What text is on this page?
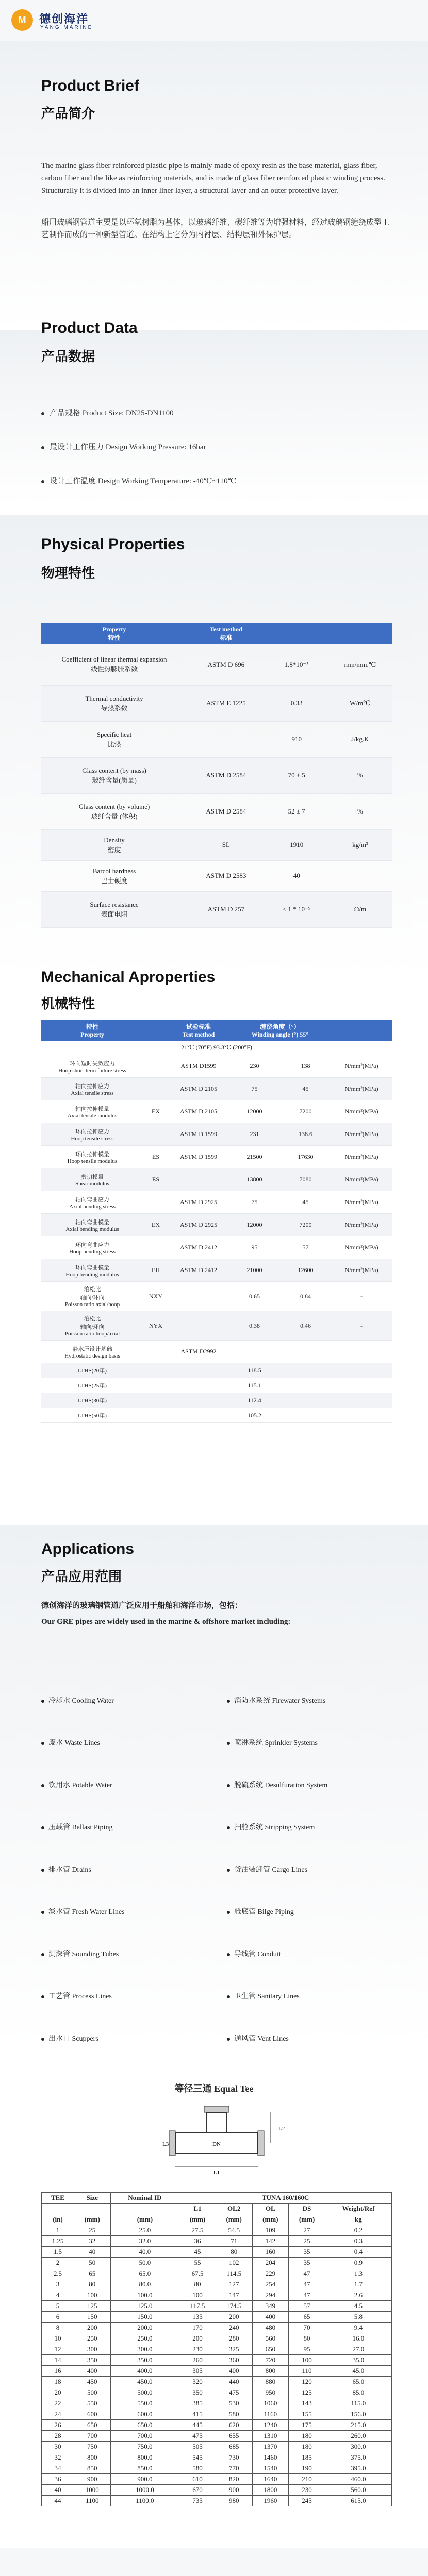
M 德创海洋
YANG MARINE
Product Brief
产品简介
The marine glass fiber reinforced plastic pipe is mainly made of epoxy resin as the base material, glass fiber, carbon fiber and the like as reinforcing materials, and is made of glass fiber reinforced plastic winding process. Structurally it is divided into an inner liner layer, a structural layer and an outer protective layer.
船用玻璃钢管道主要是以环氧树脂为基体，以玻璃纤维、碳纤维等为增强材料，经过玻璃钢缠绕成型工艺制作而成的一种新型管道。在结构上它分为内衬层、结构层和外保护层。
Product Data
产品数据
产品规格 Product Size: DN25-DN1100
最设计工作压力 Design Working Pressure: 16bar
设计工作温度 Design Working Temperature: -40℃~110℃
Physical Properties
物理特性
Property
特性	Test method
标准		
Coefficient of linear thermal expansion
线性热膨胀系数	ASTM D 696	1.8*10⁻⁵	mm/mm.℃
Thermal conductivity
导热系数	ASTM E 1225	0.33	W/m℃
Specific heat
比热		910	J/kg.K
Glass content (by mass)
玻纤含量(质量)	ASTM D 2584	70 ± 5	%
Glass content (by volume)
玻纤含量 (体积)	ASTM D 2584	52 ± 7	%
Density
密度	SL	1910	kg/m³
Barcol hardness
巴士硬度	ASTM D 2583	40	
Surface resistance
表面电阻	ASTM D 257	< 1 * 10⁻⁹	Ω/m
Mechanical Aproperties
机械特性
特性
Property		试验标准
Test method	缠绕角度（°）
Winding angle (°) 55°		
21℃ (70°F) 93.3℃ (200°F)					
环向短时失效应力
Hoop short-term failure stress		ASTM D1599	230	138	N/mm²(MPa)
轴向拉伸应力
Axial tensile stress		ASTM D 2105	75	45	N/mm²(MPa)
轴向拉伸模量
Axial tensile modulus	EX	ASTM D 2105	12000	7200	N/mm²(MPa)
环向拉伸应力
Hoop tensile stress		ASTM D 1599	231	138.6	N/mm²(MPa)
环向拉伸模量
Hoop tensile modulus	ES	ASTM D 1599	21500	17630	N/mm²(MPa)
剪切模量
Shear modulus	ES		13800	7080	N/mm²(MPa)
轴向弯曲应力
Axial bending stress		ASTM D 2925	75	45	N/mm²(MPa)
轴向弯曲模量
Axial bending modulus	EX	ASTM D 2925	12000	7200	N/mm²(MPa)
环向弯曲应力
Hoop bending stress		ASTM D 2412	95	57	N/mm²(MPa)
环向弯曲模量
Hoop bending modulus	EH	ASTM D 2412	21000	12600	N/mm²(MPa)
泊松比
轴向/环向
Poisson ratio axial/hoop	NXY		0.65	0.84	-
泊松比
轴向/环向
Poisson ratio hoop/axial	NYX		0.38	0.46	-
静水压设计基础
Hydrostatic design basis		ASTM D2992			
LTHS(20年)			118.5		
LTHS(25年)			115.1		
LTHS(30年)			112.4		
LTHS(50年)			105.2		
Applications
产品应用范围
德创海洋的玻璃钢管道广泛应用于船舶和海洋市场，包括：
Our GRE pipes are widely used in the marine & offshore market including:
冷却水 Cooling Water
废水 Waste Lines
饮用水 Potable Water
压载管 Ballast Piping
排水管 Drains
淡水管 Fresh Water Lines
测深管 Sounding Tubes
工艺管 Process Lines
出水口 Scuppers
消防水系统 Firewater Systems
喷淋系统 Sprinkler Systems
脱硫系统 Desulfuration System
扫舱系统 Stripping System
货油装卸管 Cargo Lines
舱底管 Bilge Piping
导线管 Conduit
卫生管 Sanitary Lines
通风管 Vent Lines
等径三通 Equal Tee
L1
L2
L3	DN
TEE	Size	Nominal ID	TUNA 160/160C				
			L1	OL2	OL	DS	Weight/Ref
(in)	(mm)	(mm)	(mm)	(mm)	(mm)	(mm)	kg
1	25	25.0	27.5	54.5	109	27	0.2
1.25	32	32.0	36	71	142	25	0.3
1.5	40	40.0	45	80	160	35	0.4
2	50	50.0	55	102	204	35	0.9
2.5	65	65.0	67.5	114.5	229	47	1.3
3	80	80.0	80	127	254	47	1.7
4	100	100.0	100	147	294	47	2.6
5	125	125.0	117.5	174.5	349	57	4.5
6	150	150.0	135	200	400	65	5.8
8	200	200.0	170	240	480	70	9.4
10	250	250.0	200	280	560	80	16.0
12	300	300.0	230	325	650	95	27.0
14	350	350.0	260	360	720	100	35.0
16	400	400.0	305	400	800	110	45.0
18	450	450.0	320	440	880	120	65.0
20	500	500.0	350	475	950	125	85.0
22	550	550.0	385	530	1060	143	115.0
24	600	600.0	415	580	1160	155	156.0
26	650	650.0	445	620	1240	175	215.0
28	700	700.0	475	655	1310	180	260.0
30	750	750.0	505	685	1370	180	300.0
32	800	800.0	545	730	1460	185	375.0
34	850	850.0	580	770	1540	190	395.0
36	900	900.0	610	820	1640	210	460.0
40	1000	1000.0	670	900	1800	230	560.0
44	1100	1100.0	735	980	1960	245	615.0
